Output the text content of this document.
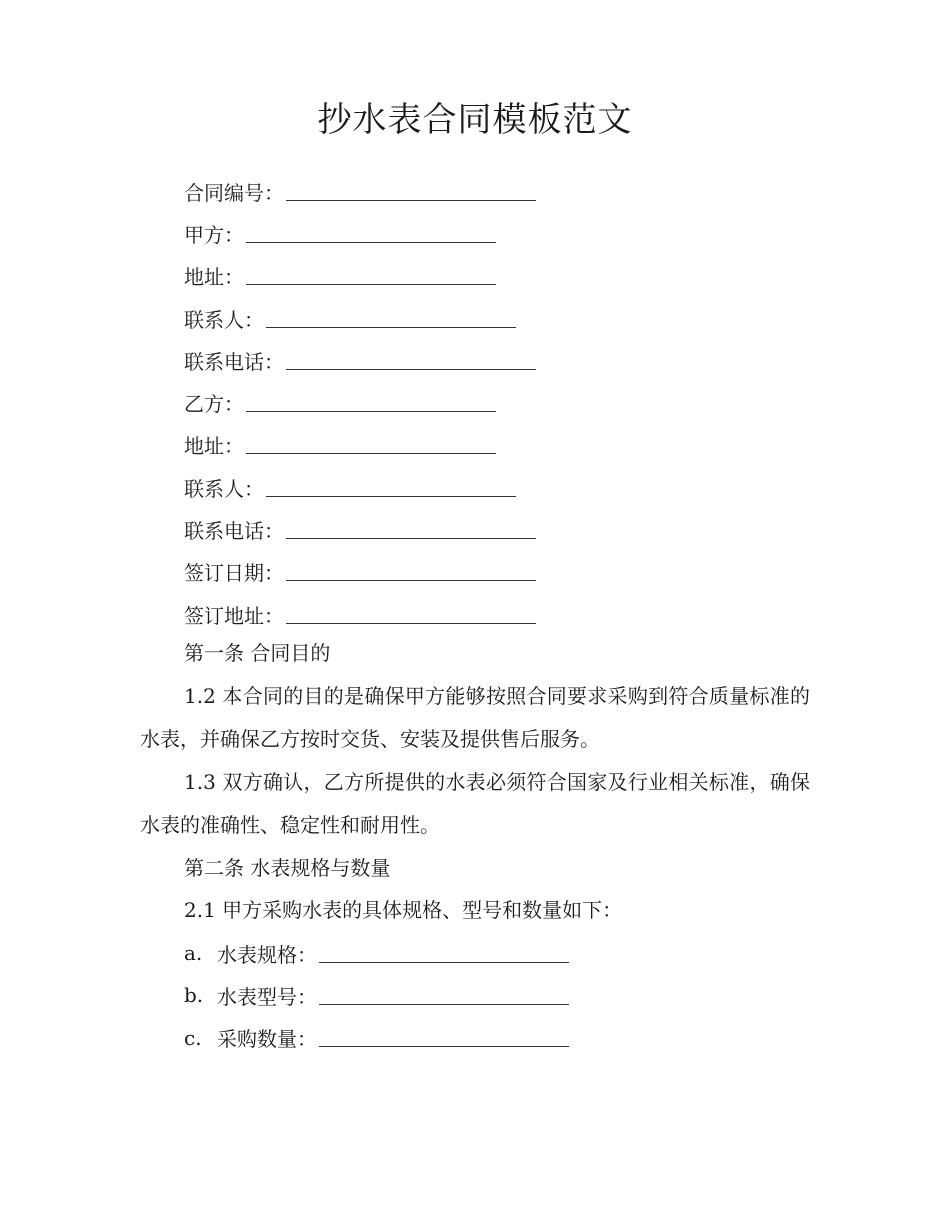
抄水表合同模板范文
合同编号：
甲方：
地址：
联系人：
联系电话：
乙方：
地址：
联系人：
联系电话：
签订日期：
签订地址：
第一条 合同目的

1.2 本合同的目的是确保甲方能够按照合同要求采购到符合质量标准的水表，并确保乙方按时交货、安装及提供售后服务。

1.3 双方确认，乙方所提供的水表必须符合国家及行业相关标准，确保水表的准确性、稳定性和耐用性。

第二条 水表规格与数量

2.1 甲方采购水表的具体规格、型号和数量如下：

a. 水表规格：
b. 水表型号：
c. 采购数量：
